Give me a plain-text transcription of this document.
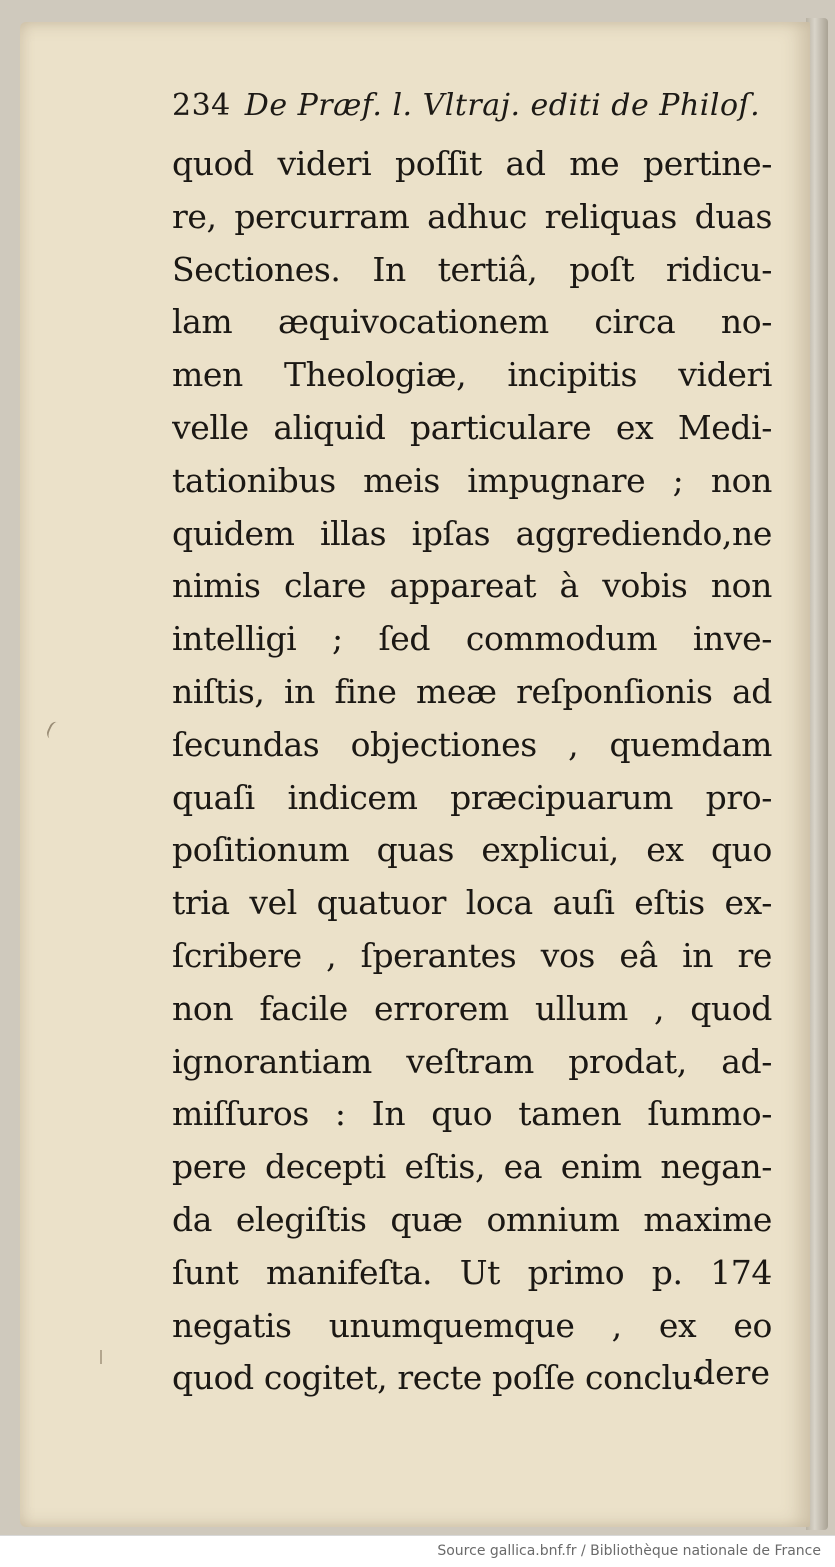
234 De Præf. l. Vltraj. editi de Philoſ.
quod videri poſſit ad me pertine-
re, percurram adhuc reliquas duas
Sectiones. In tertiâ, poſt ridicu-
lam æquivocationem circa no-
men Theologiæ, incipitis videri
velle aliquid particulare ex Medi-
tationibus meis impugnare ; non
quidem illas ipſas aggrediendo,ne
nimis clare appareat à vobis non
intelligi ; ſed commodum inve-
niſtis, in fine meæ reſponſionis ad
ſecundas objectiones , quemdam
quaſi indicem præcipuarum pro-
poſitionum quas explicui, ex quo
tria vel quatuor loca auſi eſtis ex-
ſcribere , ſperantes vos eâ in re
non facile errorem ullum , quod
ignorantiam veſtram prodat, ad-
miſſuros : In quo tamen ſummo-
pere decepti eſtis, ea enim negan-
da elegiſtis quæ omnium maxime
ſunt manifeſta. Ut primo p. 174
negatis unumquemque , ex eo
quod cogitet, recte poſſe conclu-
dere
Source gallica.bnf.fr / Bibliothèque nationale de France
